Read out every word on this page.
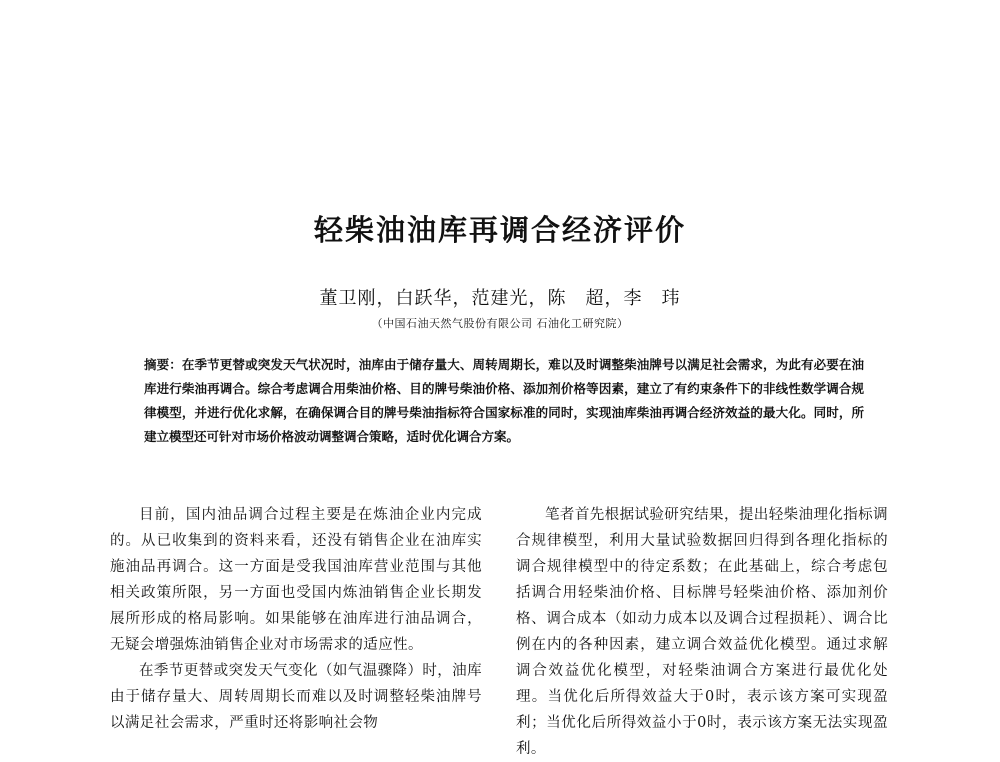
轻柴油油库再调合经济评价
董卫刚，白跃华，范建光，陈　超，李　玮
（中国石油天然气股份有限公司 石油化工研究院）

摘要：在季节更替或突发天气状况时，油库由于储存量大、周转周期长，难以及时调整柴油牌号以满足社会需求，为此有必要在油库进行柴油再调合。综合考虑调合用柴油价格、目的牌号柴油价格、添加剂价格等因素，建立了有约束条件下的非线性数学调合规律模型，并进行优化求解，在确保调合目的牌号柴油指标符合国家标准的同时，实现油库柴油再调合经济效益的最大化。同时，所建立模型还可针对市场价格波动调整调合策略，适时优化调合方案。

目前，国内油品调合过程主要是在炼油企业内完成的。从已收集到的资料来看，还没有销售企业在油库实施油品再调合。这一方面是受我国油库营业范围与其他相关政策所限，另一方面也受国内炼油销售企业长期发展所形成的格局影响。如果能够在油库进行油品调合，无疑会增强炼油销售企业对市场需求的适应性。

在季节更替或突发天气变化（如气温骤降）时，油库由于储存量大、周转周期长而难以及时调整轻柴油牌号以满足社会需求，严重时还将影响社会物

笔者首先根据试验研究结果，提出轻柴油理化指标调合规律模型，利用大量试验数据回归得到各理化指标的调合规律模型中的待定系数；在此基础上，综合考虑包括调合用轻柴油价格、目标牌号轻柴油价格、添加剂价格、调合成本（如动力成本以及调合过程损耗）、调合比例在内的各种因素，建立调合效益优化模型。通过求解调合效益优化模型，对轻柴油调合方案进行最优化处理。当优化后所得效益大于0时，表示该方案可实现盈利；当优化后所得效益小于0时，表示该方案无法实现盈利。
